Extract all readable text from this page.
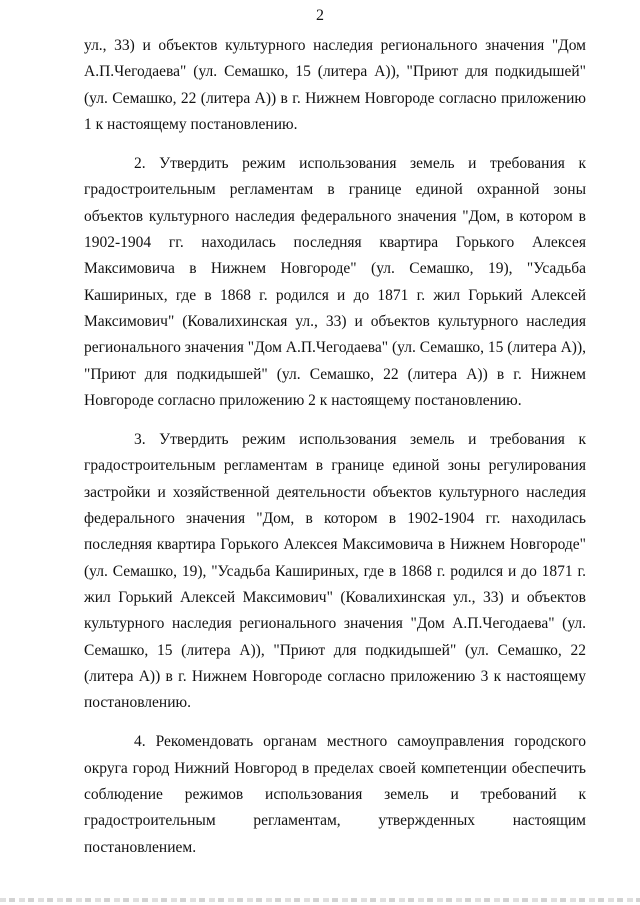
2

ул., 33) и объектов культурного наследия регионального значения "Дом А.П.Чегодаева" (ул. Семашко, 15 (литера А)), "Приют для подкидышей" (ул. Семашко, 22 (литера А)) в г. Нижнем Новгороде согласно приложению 1 к настоящему постановлению.

2. Утвердить режим использования земель и требования к градостроительным регламентам в границе единой охранной зоны объектов культурного наследия федерального значения "Дом, в котором в 1902-1904 гг. находилась последняя квартира Горького Алексея Максимовича в Нижнем Новгороде" (ул. Семашко, 19), "Усадьба Кашириных, где в 1868 г. родился и до 1871 г. жил Горький Алексей Максимович" (Ковалихинская ул., 33) и объектов культурного наследия регионального значения "Дом А.П.Чегодаева" (ул. Семашко, 15 (литера А)), "Приют для подкидышей" (ул. Семашко, 22 (литера А)) в г. Нижнем Новгороде согласно приложению 2 к настоящему постановлению.

3. Утвердить режим использования земель и требования к градостроительным регламентам в границе единой зоны регулирования застройки и хозяйственной деятельности объектов культурного наследия федерального значения "Дом, в котором в 1902-1904 гг. находилась последняя квартира Горького Алексея Максимовича в Нижнем Новгороде" (ул. Семашко, 19), "Усадьба Кашириных, где в 1868 г. родился и до 1871 г. жил Горький Алексей Максимович" (Ковалихинская ул., 33) и объектов культурного наследия регионального значения "Дом А.П.Чегодаева" (ул. Семашко, 15 (литера А)), "Приют для подкидышей" (ул. Семашко, 22 (литера А)) в г. Нижнем Новгороде согласно приложению 3 к настоящему постановлению.

4. Рекомендовать органам местного самоуправления городского округа город Нижний Новгород в пределах своей компетенции обеспечить соблюдение режимов использования земель и требований к градостроительным регламентам, утвержденных настоящим постановлением.
